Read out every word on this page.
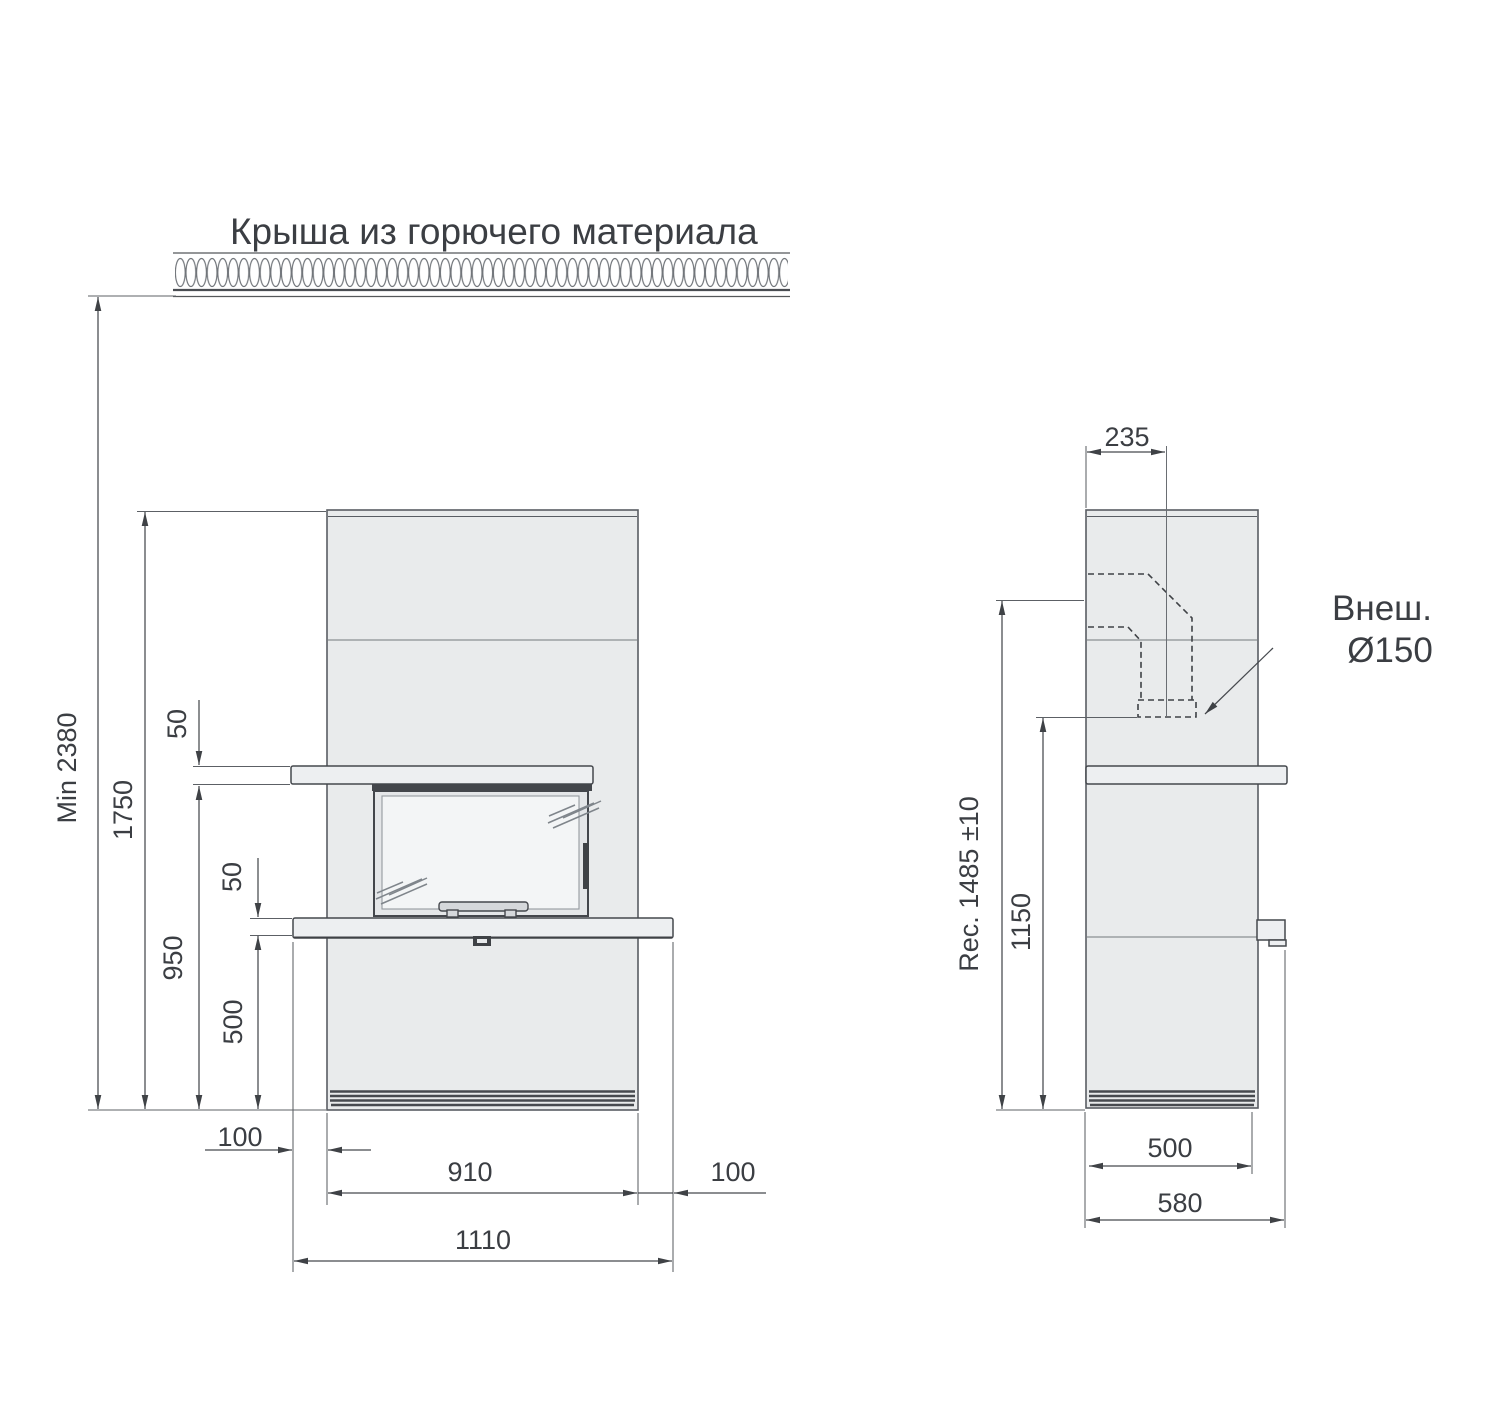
Крыша из горючего материала
Min 2380 1750
50
950
50
500
100
910	100
1110
235
Rec. 1485 ±10 1150
500
580
Внеш.
Ø150
